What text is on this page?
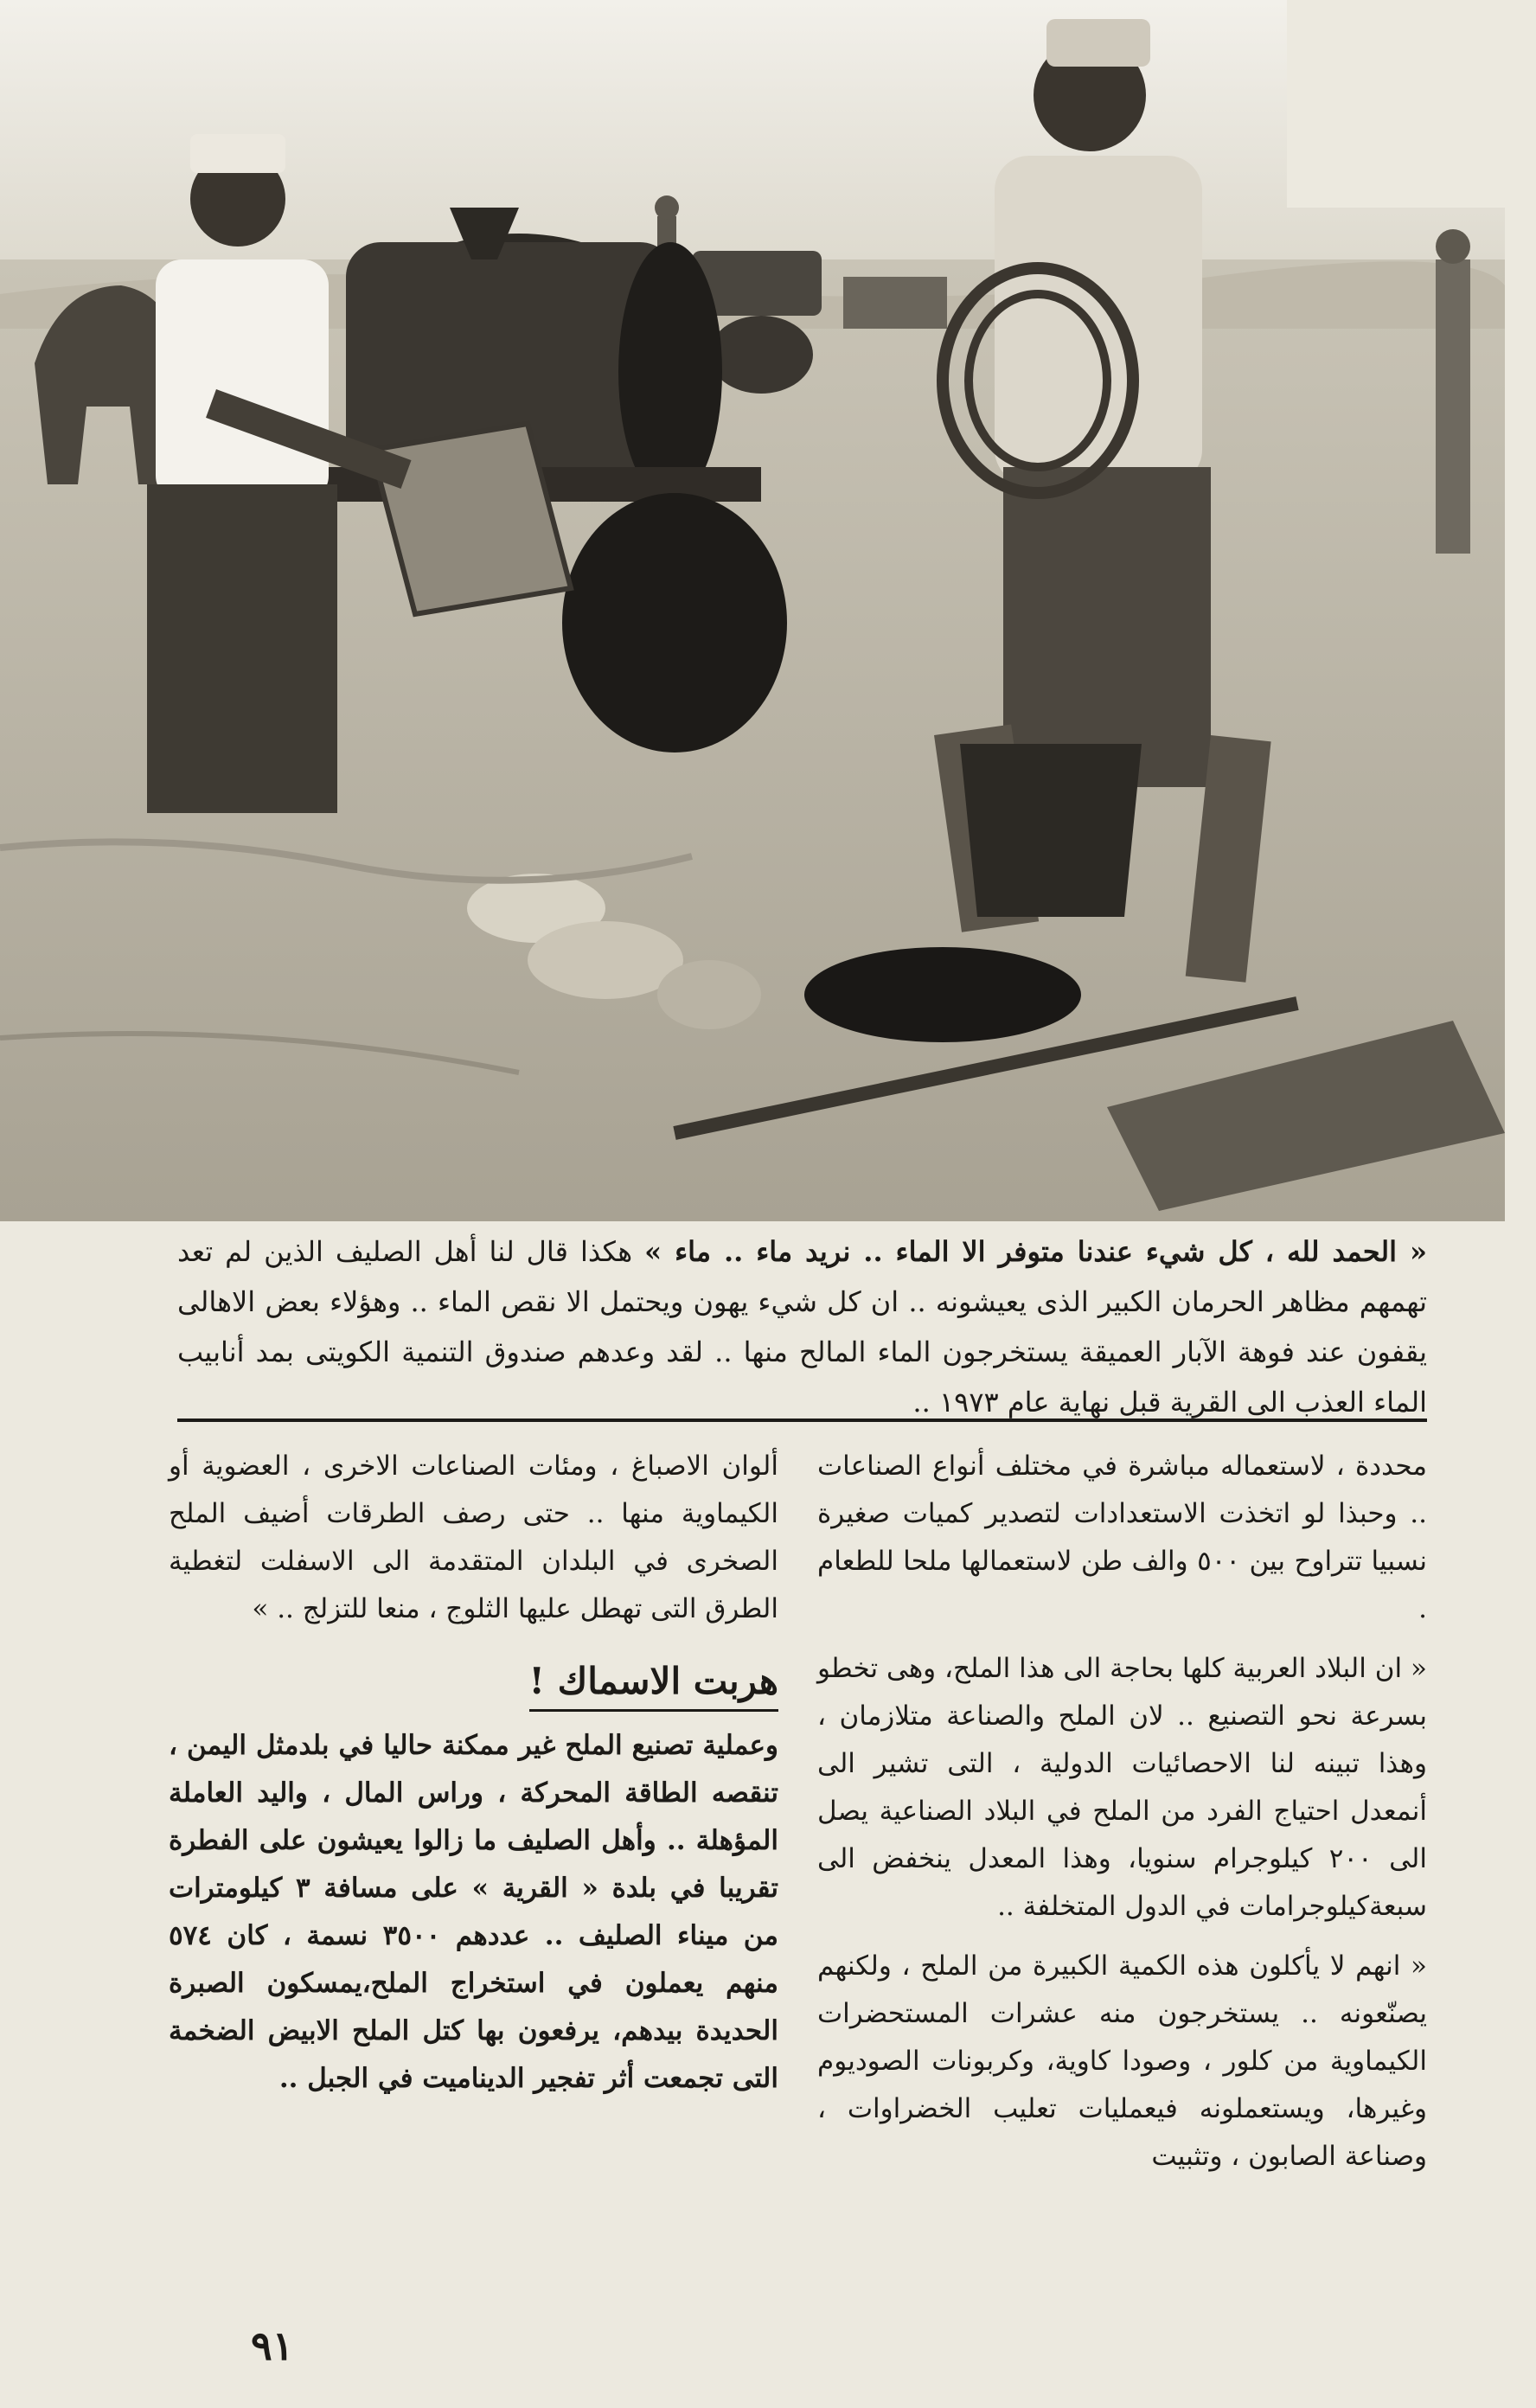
« الحمد لله ، كل شيء عندنا متوفر الا الماء .. نريد ماء .. ماء » هكذا قال لنا أهل الصليف الذين لم تعد تهمهم مظاهر الحرمان الكبير الذى يعيشونه .. ان كل شيء يهون ويحتمل الا نقص الماء .. وهؤلاء بعض الاهالى يقفون عند فوهة الآبار العميقة يستخرجون الماء المالح منها .. لقد وعدهم صندوق التنمية الكويتى بمد أنابيب الماء العذب الى القرية قبل نهاية عام ١٩٧٣ ..

محددة ، لاستعماله مباشرة في مختلف أنواع الصناعات .. وحبذا لو اتخذت الاستعدادات لتصدير كميات صغيرة نسبيا تتراوح بين ٥٠٠ والف طن لاستعمالها ملحا للطعام .

« ان البلاد العربية كلها بحاجة الى هذا الملح، وهى تخطو بسرعة نحو التصنيع .. لان الملح والصناعة متلازمان ، وهذا تبينه لنا الاحصائيات الدولية ، التى تشير الى أنمعدل احتياج الفرد من الملح في البلاد الصناعية يصل الى ٢٠٠ كيلوجرام سنويا، وهذا المعدل ينخفض الى سبعةكيلوجرامات في الدول المتخلفة ..

« انهم لا يأكلون هذه الكمية الكبيرة من الملح ، ولكنهم يصنّعونه .. يستخرجون منه عشرات المستحضرات الكيماوية من كلور ، وصودا كاوية، وكربونات الصوديوم وغيرها، ويستعملونه فيعمليات تعليب الخضراوات ، وصناعة الصابون ، وتثبيت

ألوان الاصباغ ، ومئات الصناعات الاخرى ، العضوية أو الكيماوية منها .. حتى رصف الطرقات أضيف الملح الصخرى في البلدان المتقدمة الى الاسفلت لتغطية الطرق التى تهطل عليها الثلوج ، منعا للتزلج .. »

هربت الاسماك !

وعملية تصنيع الملح غير ممكنة حاليا في بلدمثل اليمن ، تنقصه الطاقة المحركة ، وراس المال ، واليد العاملة المؤهلة .. وأهل الصليف ما زالوا يعيشون على الفطرة تقريبا في بلدة « القرية » على مسافة ٣ كيلومترات من ميناء الصليف .. عددهم ٣٥٠٠ نسمة ، كان ٥٧٤ منهم يعملون في استخراج الملح،يمسكون الصبرة الحديدة بيدهم، يرفعون بها كتل الملح الابيض الضخمة التى تجمعت أثر تفجير الديناميت في الجبل ..

٩١
